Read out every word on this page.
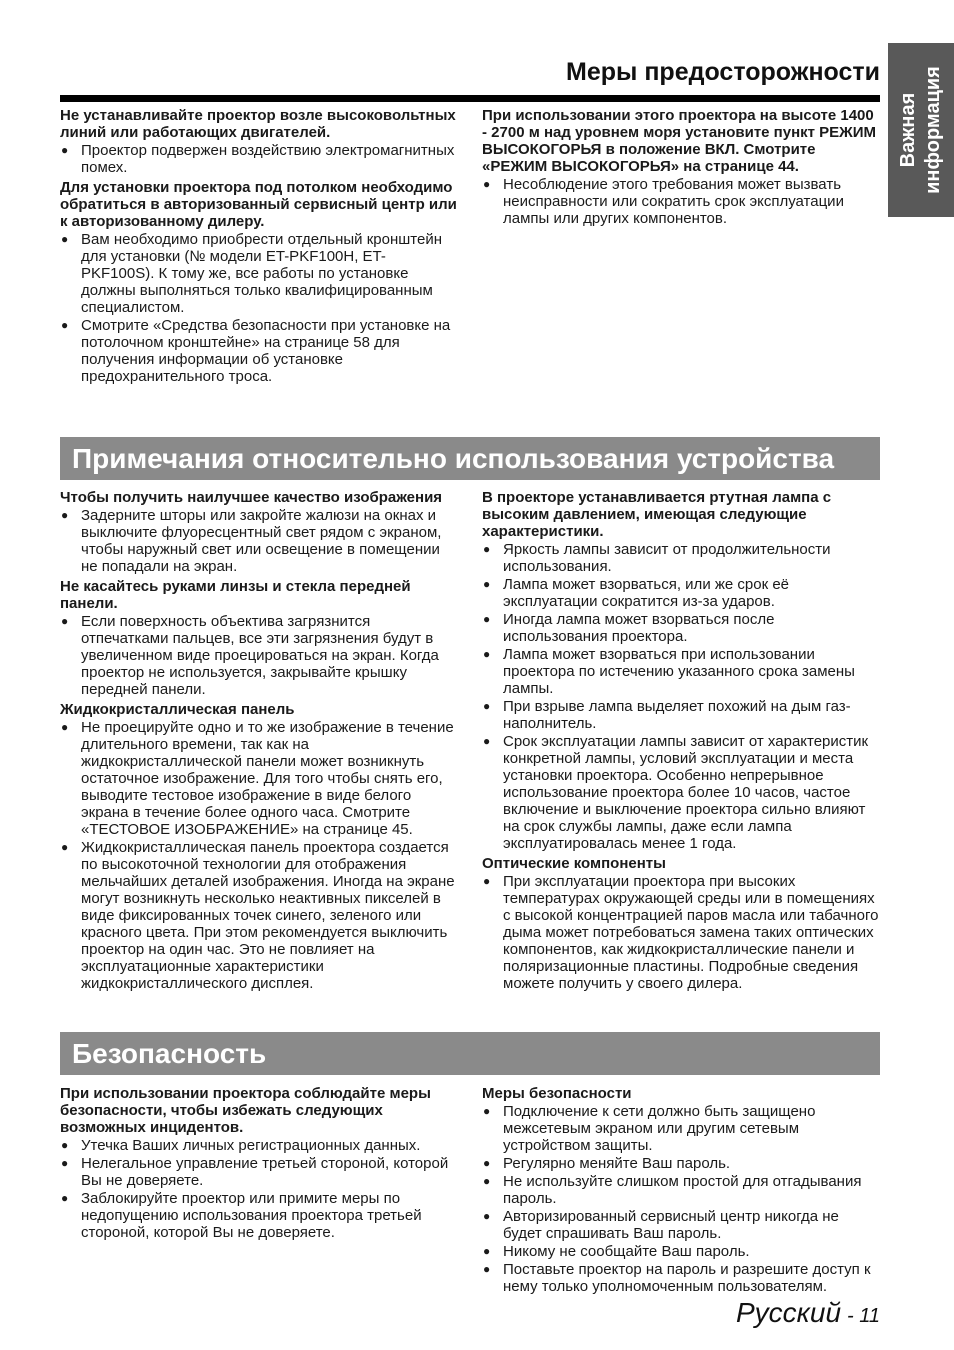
Меры предосторожности
Важная информация

Не устанавливайте проектор возле высоковольтных линий или работающих двигателей.

● Проектор подвержен воздействию электромагнитных помех.

Для установки проектора под потолком необходимо обратиться в авторизованный сервисный центр или к авторизованному дилеру.

● Вам необходимо приобрести отдельный кронштейн для установки (№ модели ET-PKF100H, ET-PKF100S). К тому же, все работы по установке должны выполняться только квалифицированным специалистом.
● Смотрите «Средства безопасности при установке на потолочном кронштейне» на странице 58 для получения информации об установке предохранительного троса.

При использовании этого проектора на высоте 1400 - 2700 м над уровнем моря установите пункт РЕЖИМ ВЫСОКОГОРЬЯ в положение ВКЛ. Смотрите «РЕЖИМ ВЫСОКОГОРЬЯ» на странице 44.

● Несоблюдение этого требования может вызвать неисправности или сократить срок эксплуатации лампы или других компонентов.
Примечания относительно использования устройства

Чтобы получить наилучшее качество изображения

● Задерните шторы или закройте жалюзи на окнах и выключите флуоресцентный свет рядом с экраном, чтобы наружный свет или освещение в помещении не попадали на экран.

Не касайтесь руками линзы и стекла передней панели.

● Если поверхность объектива загрязнится отпечатками пальцев, все эти загрязнения будут в увеличенном виде проецироваться на экран. Когда проектор не используется, закрывайте крышку передней панели.

Жидкокристаллическая панель

● Не проецируйте одно и то же изображение в течение длительного времени, так как на жидкокристаллической панели может возникнуть остаточное изображение. Для того чтобы снять его, выводите тестовое изображение в виде белого экрана в течение более одного часа. Смотрите «ТЕСТОВОЕ ИЗОБРАЖЕНИЕ» на странице 45.
● Жидкокристаллическая панель проектора создается по высокоточной технологии для отображения мельчайших деталей изображения. Иногда на экране могут возникнуть несколько неактивных пикселей в виде фиксированных точек синего, зеленого или красного цвета. При этом рекомендуется выключить проектор на один час. Это не повлияет на эксплуатационные характеристики жидкокристаллического дисплея.

В проекторе устанавливается ртутная лампа с высоким давлением, имеющая следующие характеристики.

● Яркость лампы зависит от продолжительности использования.
● Лампа может взорваться, или же срок её эксплуатации сократится из-за ударов.
● Иногда лампа может взорваться после использования проектора.
● Лампа может взорваться при использовании проектора по истечению указанного срока замены лампы.
● При взрыве лампа выделяет похожий на дым газ-наполнитель.
● Срок эксплуатации лампы зависит от характеристик конкретной лампы, условий эксплуатации и места установки проектора. Особенно непрерывное использование проектора более 10 часов, частое включение и выключение проектора сильно влияют на срок службы лампы, даже если лампа эксплуатировалась менее 1 года.

Оптические компоненты

● При эксплуатации проектора при высоких температурах окружающей среды или в помещениях с высокой концентрацией паров масла или табачного дыма может потребоваться замена таких оптических компонентов, как жидкокристаллические панели и поляризационные пластины. Подробные сведения можете получить у своего дилера.
Безопасность

При использовании проектора соблюдайте меры безопасности, чтобы избежать следующих возможных инцидентов.

● Утечка Ваших личных регистрационных данных.
● Нелегальное управление третьей стороной, которой Вы не доверяете.
● Заблокируйте проектор или примите меры по недопущению использования проектора третьей стороной, которой Вы не доверяете.

Меры безопасности

● Подключение к сети должно быть защищено межсетевым экраном или другим сетевым устройством защиты.
● Регулярно меняйте Ваш пароль.
● Не используйте слишком простой для отгадывания пароль.
● Авторизированный сервисный центр никогда не будет спрашивать Ваш пароль.
● Никому не сообщайте Ваш пароль.
● Поставьте проектор на пароль и разрешите доступ к нему только уполномоченным пользователям.
Русский - 11
